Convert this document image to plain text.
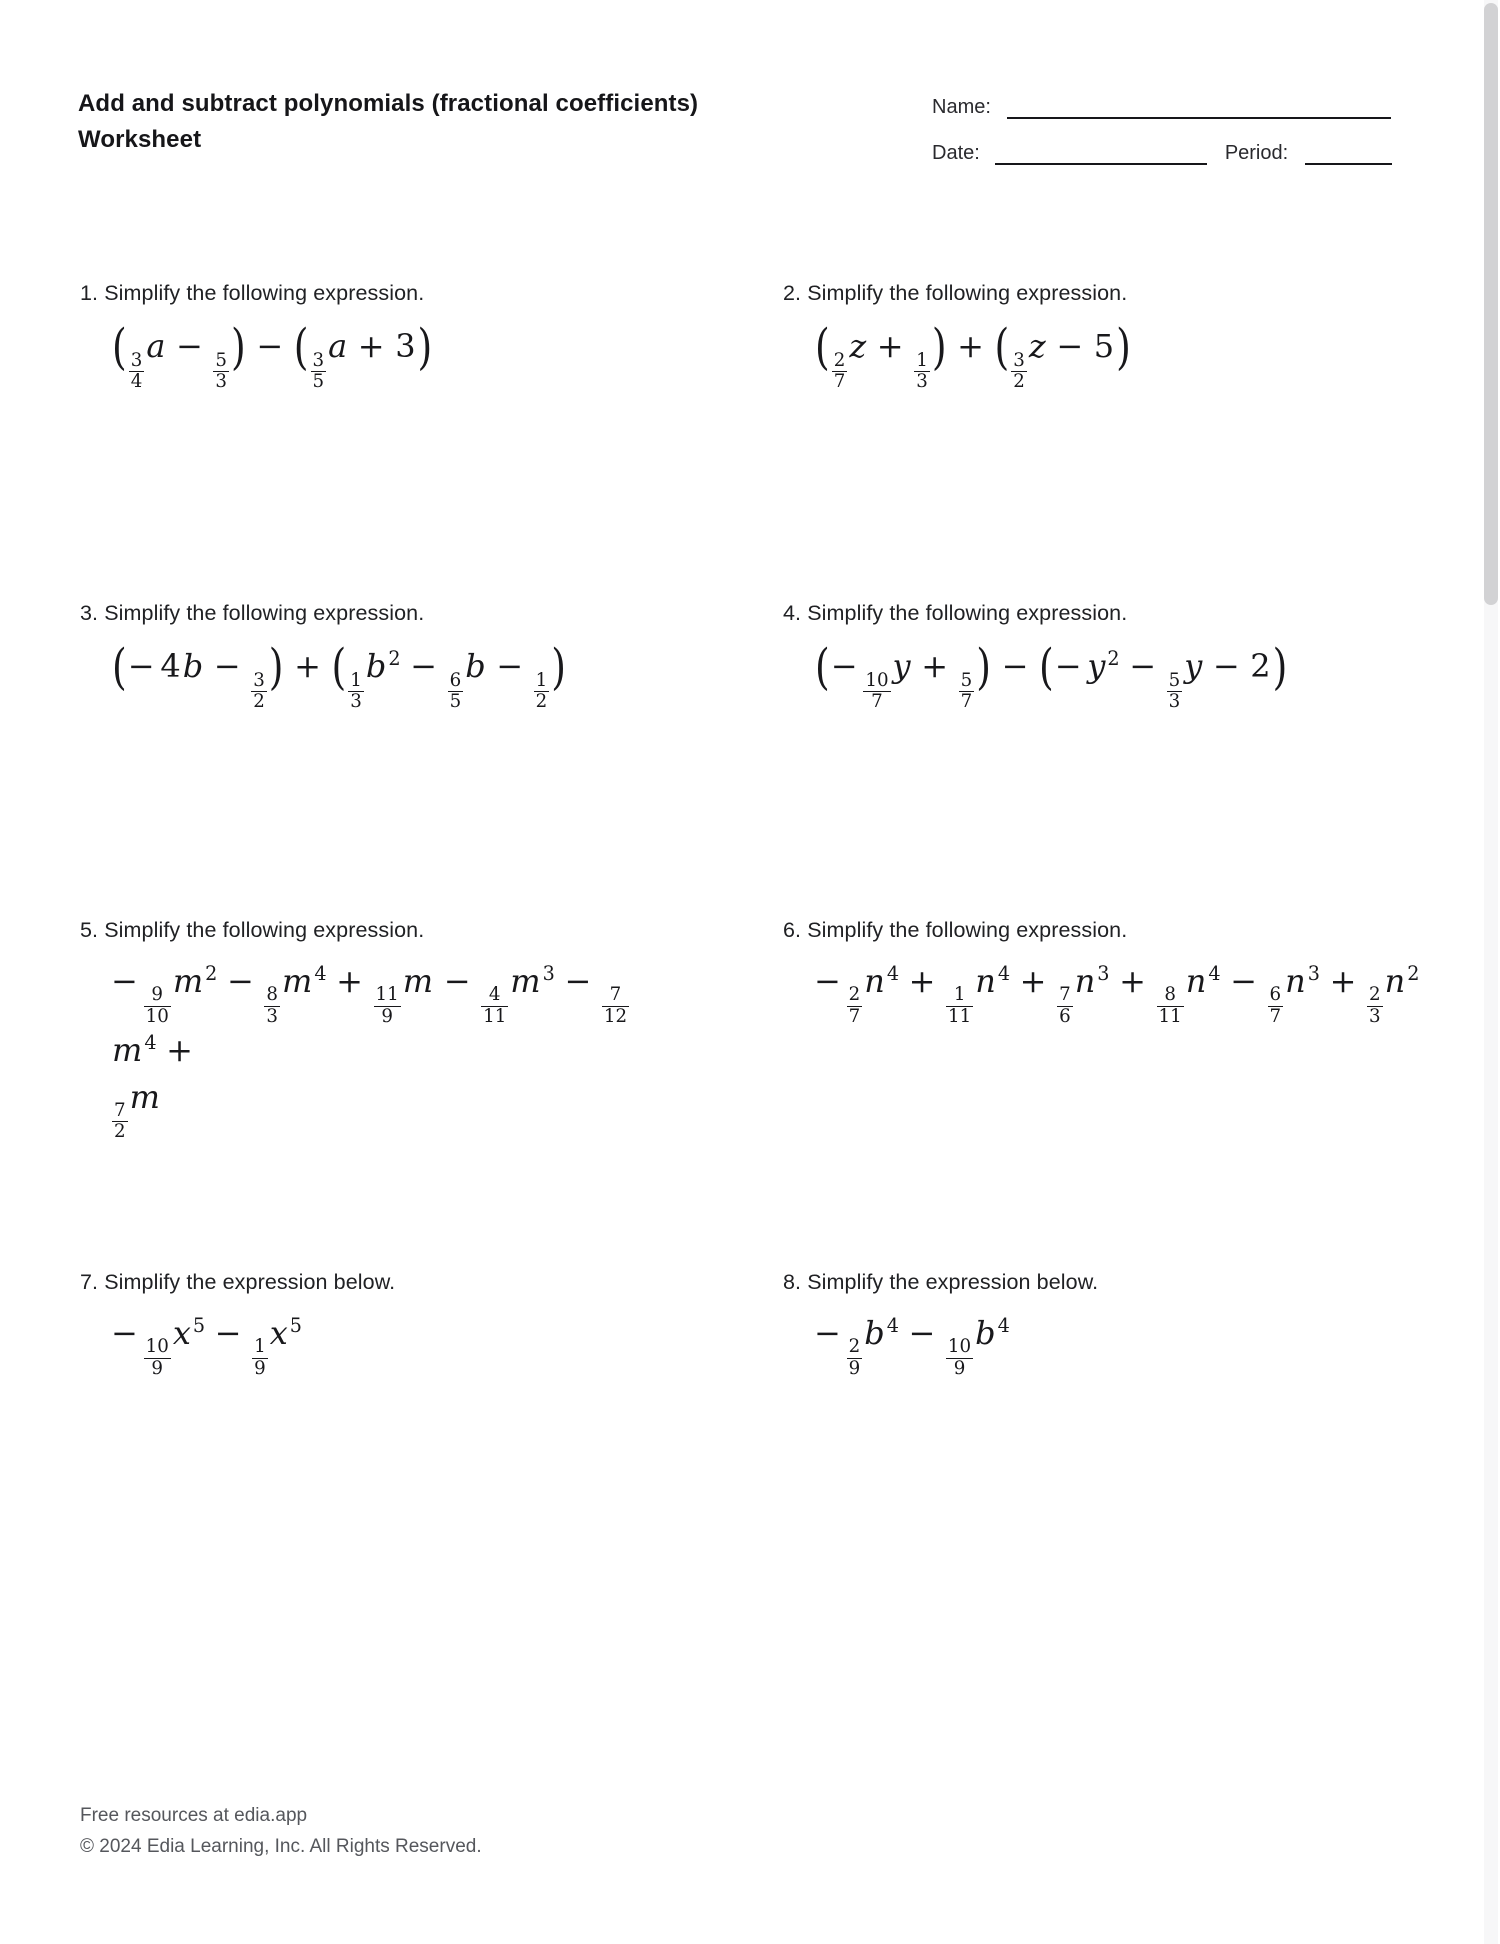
Add and subtract polynomials (fractional coefficients)
Worksheet
Name:
Date:	Period:
1. Simplify the following expression.
( $\frac{3}{4}$
a −
$\frac{5}{3}$ ) − ( $\frac{3}{5}$
a + 3)
2. Simplify the following expression.
( $\frac{2}{7}$
z +
$\frac{1}{3}$ ) + ( $\frac{3}{2}$
z − 5)
3. Simplify the following expression.
(− 4b −
$\frac{3}{2}$ ) + ( $\frac{1}{3}$
b $^2$ −
$\frac{6}{5}$
b −
$\frac{1}{2}$ )
4. Simplify the following expression.
(−
$\frac{10}{7}$
y +
$\frac{5}{7}$ ) − (− y $^2$ −
$\frac{5}{3}$
y − 2)
5. Simplify the following expression.
−
$\frac{9}{10}$
m $^2$ −
$\frac{8}{3}$
m $^4$ +
$\frac{11}{9}$
m −
$\frac{4}{11}$
m $^3$ −
$\frac{7}{12}$
m $^4$ +

$\frac{7}{2}$
m
6. Simplify the following expression.
−
$\frac{2}{7}$
n $^4$ +
$\frac{1}{11}$
n $^4$ +
$\frac{7}{6}$
n $^3$ +
$\frac{8}{11}$
n $^4$ −
$\frac{6}{7}$
n $^3$ +
$\frac{2}{3}$
n $^2$
7. Simplify the expression below.
−
$\frac{10}{9}$
x $^5$ −
$\frac{1}{9}$
x $^5$
8. Simplify the expression below.
−
$\frac{2}{9}$
b $^4$ −
$\frac{10}{9}$
b $^4$
Free resources at edia.app
© 2024 Edia Learning, Inc. All Rights Reserved.
